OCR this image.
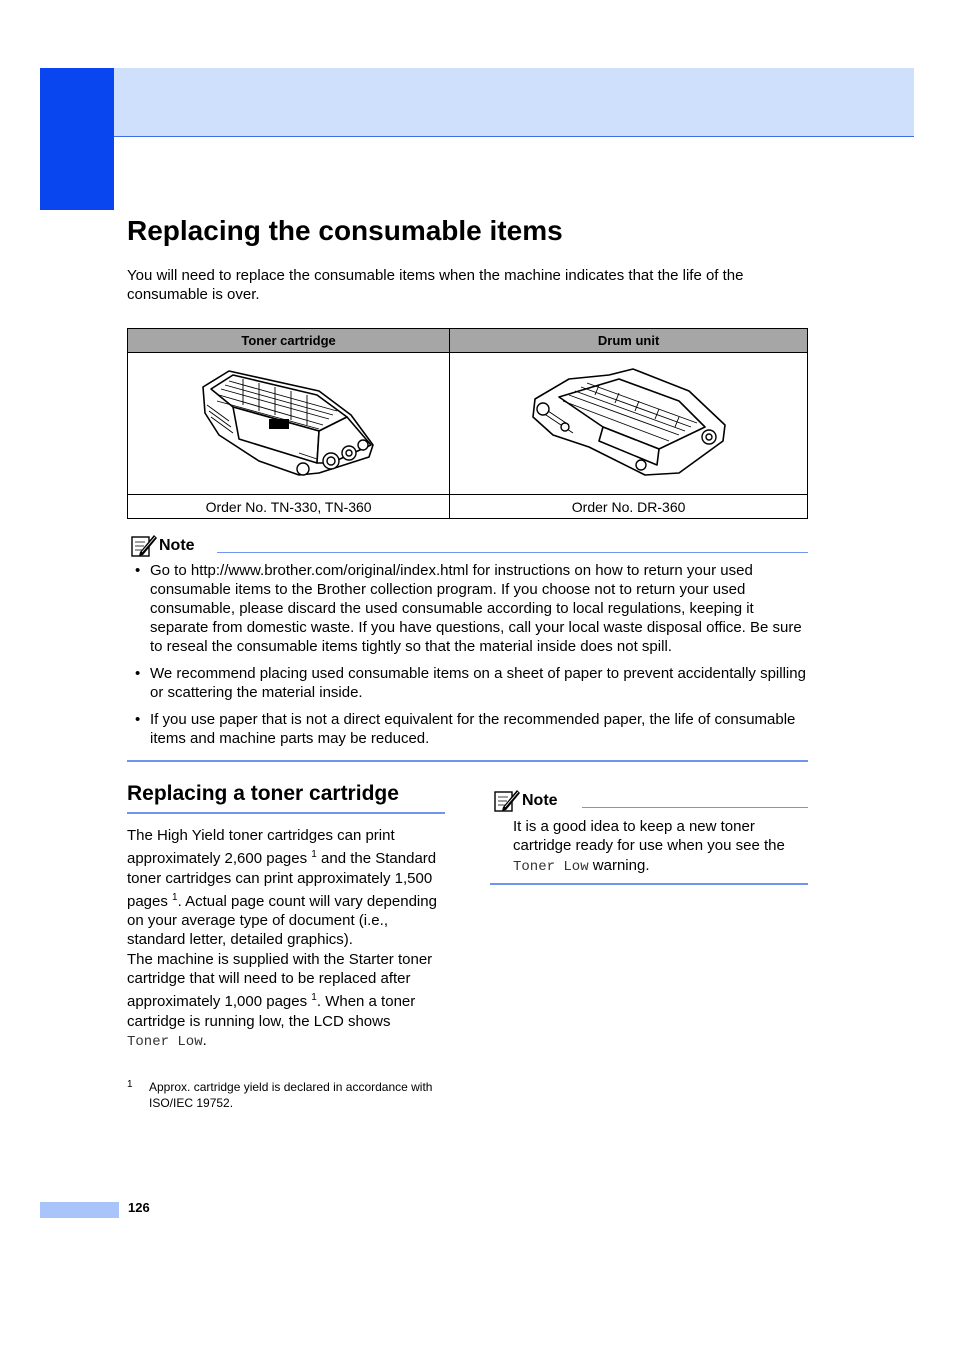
Replacing the consumable items

You will need to replace the consumable items when the machine indicates that the life of the consumable is over.

Toner cartridge	Drum unit

Order No. TN-330, TN-360	Order No. DR-360
Note
• Go to http://www.brother.com/original/index.html for instructions on how to return your used consumable items to the Brother collection program. If you choose not to return your used consumable, please discard the used consumable according to local regulations, keeping it separate from domestic waste. If you have questions, call your local waste disposal office. Be sure to reseal the consumable items tightly so that the material inside does not spill.
• We recommend placing used consumable items on a sheet of paper to prevent accidentally spilling or scattering the material inside.
• If you use paper that is not a direct equivalent for the recommended paper, the life of consumable items and machine parts may be reduced.
Replacing a toner cartridge

The High Yield toner cartridges can print approximately 2,600 pages $^1$ and the Standard toner cartridges can print approximately 1,500 pages $^1$. Actual page count will vary depending on your average type of document (i.e., standard letter, detailed graphics).
The machine is supplied with the Starter toner cartridge that will need to be replaced after approximately 1,000 pages $^1$. When a toner cartridge is running low, the LCD shows
Toner Low.

1 Approx. cartridge yield is declared in accordance with ISO/IEC 19752.
Note

It is a good idea to keep a new toner cartridge ready for use when you see the Toner Low warning.

126
